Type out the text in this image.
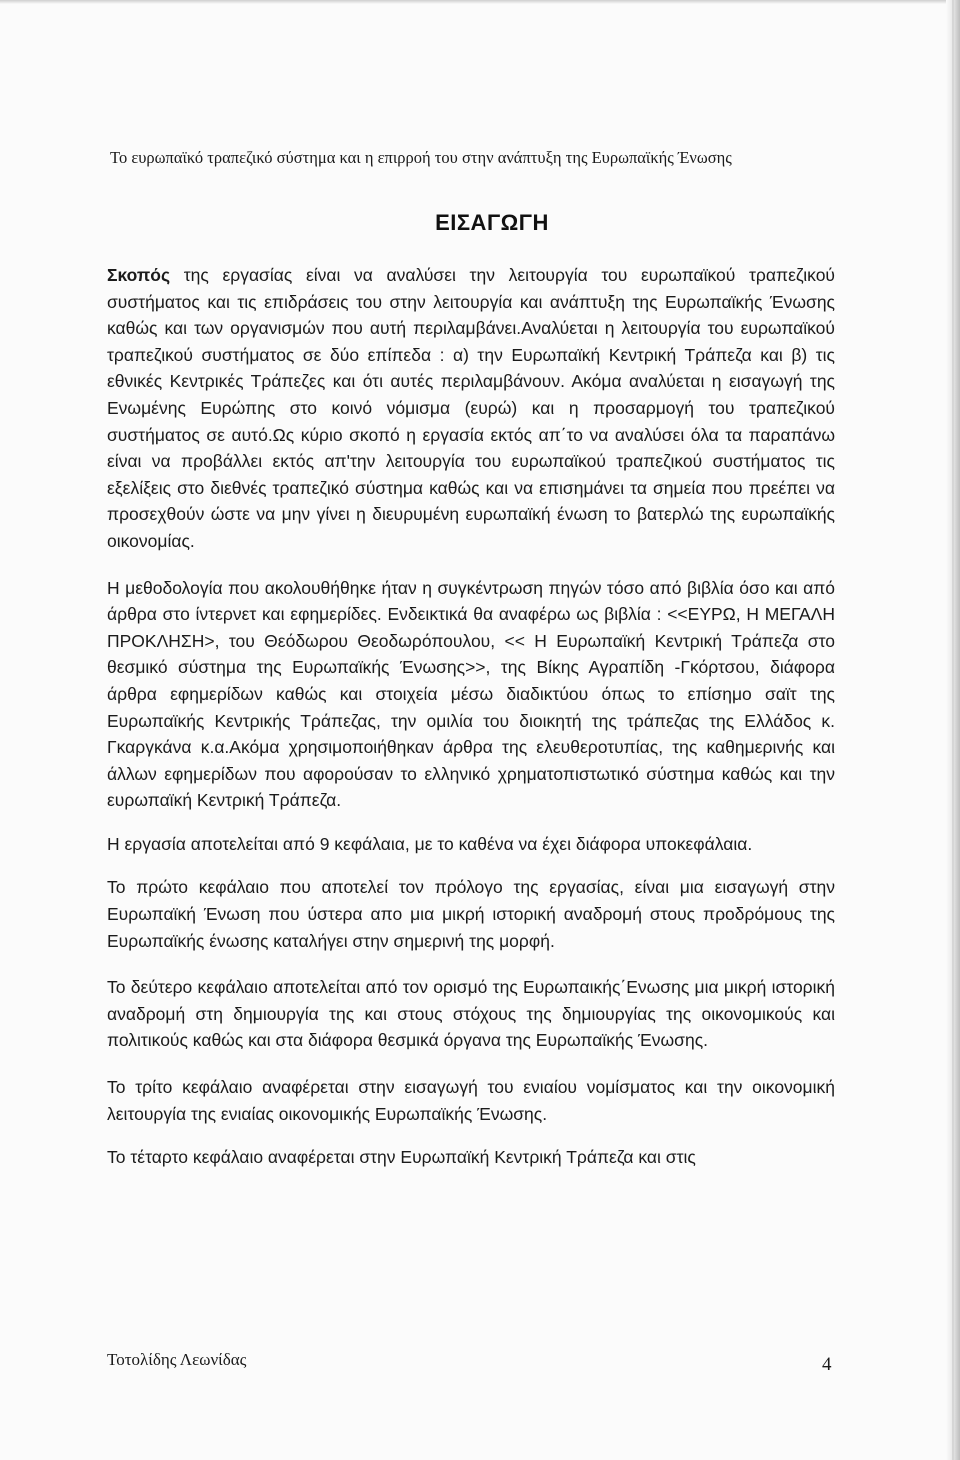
Το ευρωπαϊκό τραπεζικό σύστημα και η επιρροή του στην ανάπτυξη της Ευρωπαϊκής Ένωσης
ΕΙΣΑΓΩΓΗ

Σκοπός της εργασίας είναι να αναλύσει την λειτουργία του ευρωπαϊκού τραπεζικού συστήματος και τις επιδράσεις του στην λειτουργία και ανάπτυξη της Ευρωπαϊκής Ένωσης καθώς και των οργανισμών που αυτή περιλαμβάνει.Αναλύεται η λειτουργία του ευρωπαϊκού τραπεζικού συστήματος σε δύο επίπεδα : α) την Ευρωπαϊκή Κεντρική Τράπεζα και β) τις εθνικές Κεντρικές Τράπεζες και ότι αυτές περιλαμβάνουν. Ακόμα αναλύεται η εισαγωγή της Ενωμένης Ευρώπης στο κοινό νόμισμα (ευρώ) και η προσαρμογή του τραπεζικού συστήματος σε αυτό.Ως κύριο σκοπό η εργασία εκτός απ΄το να αναλύσει όλα τα παραπάνω είναι να προβάλλει εκτός απ'την λειτουργία του ευρωπαϊκού τραπεζικού συστήματος τις εξελίξεις στο διεθνές τραπεζικό σύστημα καθώς και να επισημάνει τα σημεία που πρεέπει να προσεχθούν ώστε να μην γίνει η διευρυμένη ευρωπαϊκή ένωση το βατερλώ της ευρωπαϊκής οικονομίας.

Η μεθοδολογία που ακολουθήθηκε ήταν η συγκέντρωση πηγών τόσο από βιβλία όσο και από άρθρα στο ίντερνετ και εφημερίδες. Ενδεικτικά θα αναφέρω ως βιβλία : <<ΕΥΡΩ, Η ΜΕΓΑΛΗ ΠΡΟΚΛΗΣΗ>, του Θεόδωρου Θεοδωρόπουλου, << Η Ευρωπαϊκή Κεντρική Τράπεζα στο θεσμικό σύστημα της Ευρωπαϊκής Ένωσης>>, της Βίκης Αγραπίδη -Γκόρτσου, διάφορα άρθρα εφημερίδων καθώς και στοιχεία μέσω διαδικτύου όπως το επίσημο σαϊτ της Ευρωπαϊκής Κεντρικής Τράπεζας, την ομιλία του διοικητή της τράπεζας της Ελλάδος κ. Γκαργκάνα κ.α.Ακόμα χρησιμοποιήθηκαν άρθρα της ελευθεροτυπίας, της καθημερινής και άλλων εφημερίδων που αφορούσαν το ελληνικό χρηματοπιστωτικό σύστημα καθώς και την ευρωπαϊκή Κεντρική Τράπεζα.

Η εργασία αποτελείται από 9 κεφάλαια, με το καθένα να έχει διάφορα υποκεφάλαια.

Το πρώτο κεφάλαιο που αποτελεί τον πρόλογο της εργασίας, είναι μια εισαγωγή στην Ευρωπαϊκή Ένωση που ύστερα απο μια μικρή ιστορική αναδρομή στους προδρόμους της Ευρωπαϊκής ένωσης καταλήγει στην σημερινή της μορφή.

Το δεύτερο κεφάλαιο αποτελείται από τον ορισμό της Ευρωπαικής΄Ενωσης μια μικρή ιστορική αναδρομή στη δημιουργία της και στους στόχους της δημιουργίας της οικονομικούς και πολιτικούς καθώς και στα διάφορα θεσμικά όργανα της Ευρωπαϊκής Ένωσης.

Το τρίτο κεφάλαιο αναφέρεται στην εισαγωγή του ενιαίου νομίσματος και την οικονομική λειτουργία της ενιαίας οικονομικής Ευρωπαϊκής Ένωσης.

Το τέταρτο κεφάλαιο αναφέρεται στην Ευρωπαϊκή Κεντρική Τράπεζα και στις

Τοτολίδης Λεωνίδας	4
